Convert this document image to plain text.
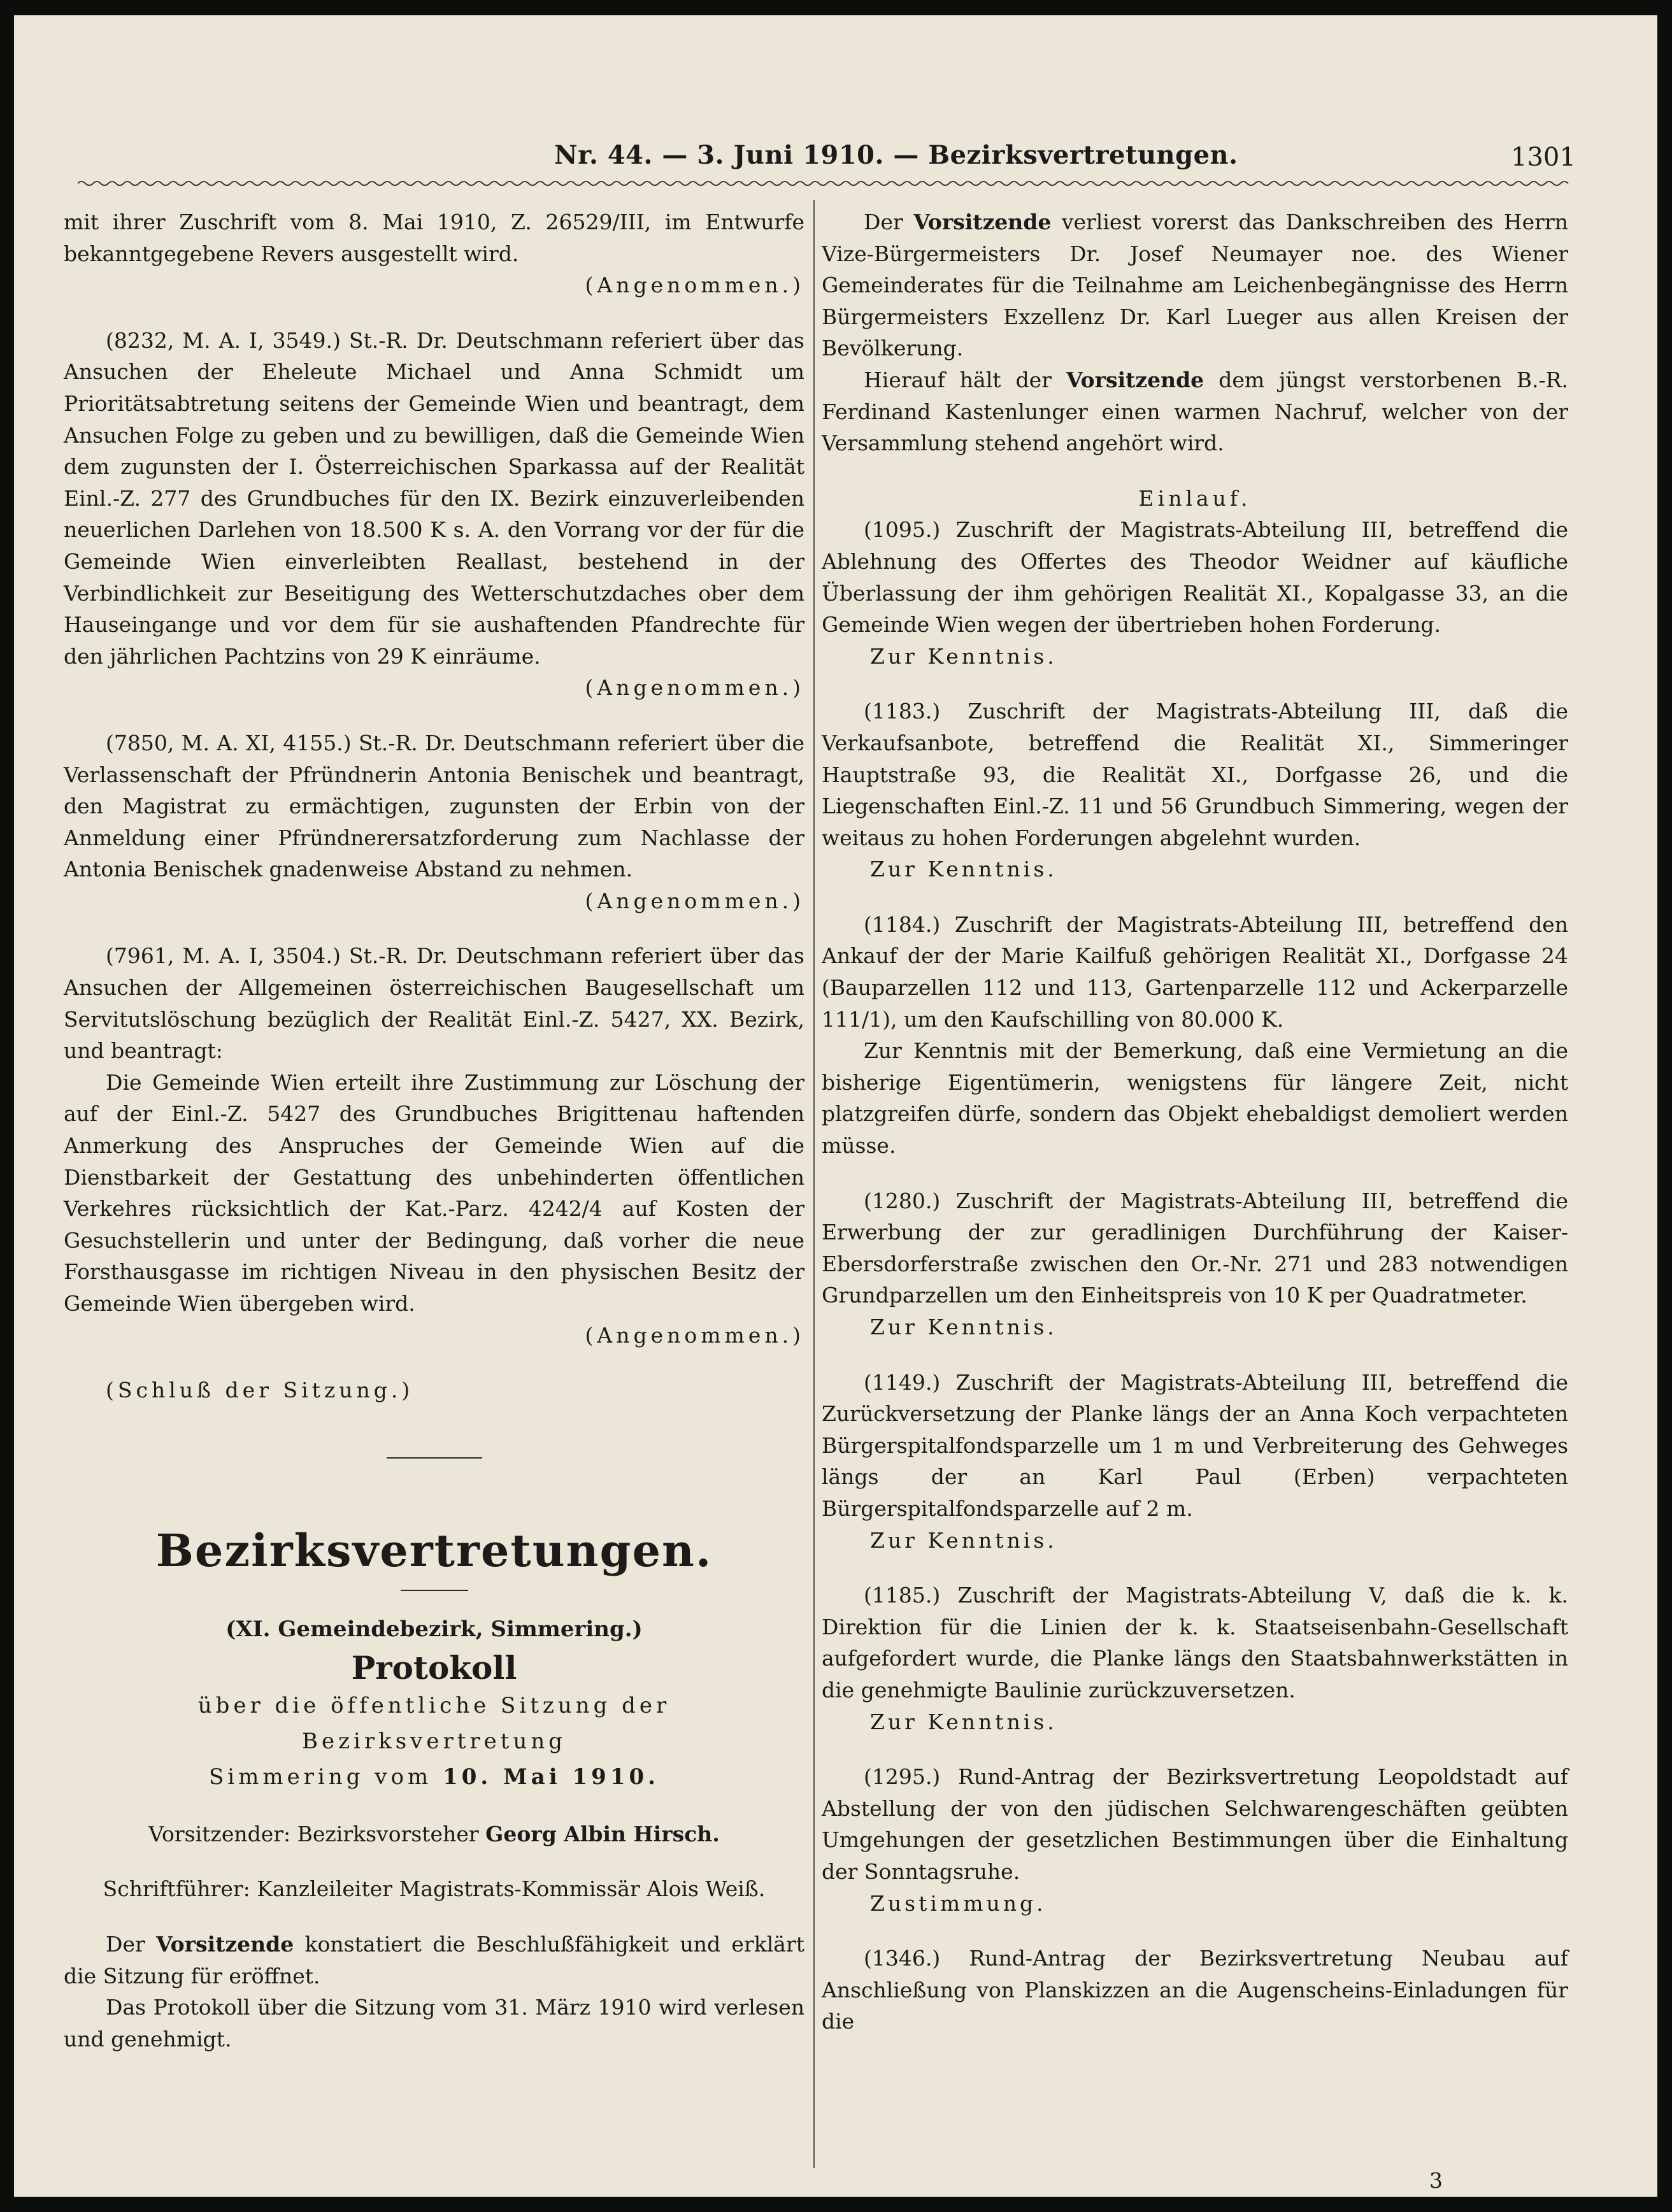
Nr. 44. — 3. Juni 1910. — Bezirksvertretungen.	1301

mit ihrer Zuschrift vom 8. Mai 1910, Z. 26529/III, im Entwurfe bekanntgegebene Revers ausgestellt wird.

(Angenommen.)

(8232, M. A. I, 3549.) St.-R. Dr. Deutschmann referiert über das Ansuchen der Eheleute Michael und Anna Schmidt um Prioritätsabtretung seitens der Gemeinde Wien und beantragt, dem Ansuchen Folge zu geben und zu bewilligen, daß die Gemeinde Wien dem zugunsten der I. Österreichischen Sparkassa auf der Realität Einl.-Z. 277 des Grundbuches für den IX. Bezirk einzuverleibenden neuerlichen Darlehen von 18.500 K s. A. den Vorrang vor der für die Gemeinde Wien einverleibten Reallast, bestehend in der Verbindlichkeit zur Beseitigung des Wetterschutzdaches ober dem Hauseingange und vor dem für sie aushaftenden Pfandrechte für den jährlichen Pachtzins von 29 K einräume.

(Angenommen.)

(7850, M. A. XI, 4155.) St.-R. Dr. Deutschmann referiert über die Verlassenschaft der Pfründnerin Antonia Benischek und beantragt, den Magistrat zu ermächtigen, zugunsten der Erbin von der Anmeldung einer Pfründnerersatzforderung zum Nachlasse der Antonia Benischek gnadenweise Abstand zu nehmen.

(Angenommen.)

(7961, M. A. I, 3504.) St.-R. Dr. Deutschmann referiert über das Ansuchen der Allgemeinen österreichischen Baugesellschaft um Servitutslöschung bezüglich der Realität Einl.-Z. 5427, XX. Bezirk, und beantragt:

Die Gemeinde Wien erteilt ihre Zustimmung zur Löschung der auf der Einl.-Z. 5427 des Grundbuches Brigittenau haftenden Anmerkung des Anspruches der Gemeinde Wien auf die Dienstbarkeit der Gestattung des unbehinderten öffentlichen Verkehres rücksichtlich der Kat.-Parz. 4242/4 auf Kosten der Gesuchstellerin und unter der Bedingung, daß vorher die neue Forsthausgasse im richtigen Niveau in den physischen Besitz der Gemeinde Wien übergeben wird.

(Angenommen.)

(Schluß der Sitzung.)

Bezirksvertretungen.
(XI. Gemeindebezirk, Simmering.)
Protokoll
über die öffentliche Sitzung der Bezirksvertretung
Simmering vom 10. Mai 1910.

Vorsitzender: Bezirksvorsteher Georg Albin Hirsch.

Schriftführer: Kanzleileiter Magistrats-Kommissär Alois Weiß.

Der Vorsitzende konstatiert die Beschlußfähigkeit und erklärt die Sitzung für eröffnet.

Das Protokoll über die Sitzung vom 31. März 1910 wird verlesen und genehmigt.

Der Vorsitzende verliest vorerst das Dankschreiben des Herrn Vize-Bürgermeisters Dr. Josef Neumayer noe. des Wiener Gemeinderates für die Teilnahme am Leichenbegängnisse des Herrn Bürgermeisters Exzellenz Dr. Karl Lueger aus allen Kreisen der Bevölkerung.

Hierauf hält der Vorsitzende dem jüngst verstorbenen B.-R. Ferdinand Kastenlunger einen warmen Nachruf, welcher von der Versammlung stehend angehört wird.

Einlauf.

(1095.) Zuschrift der Magistrats-Abteilung III, betreffend die Ablehnung des Offertes des Theodor Weidner auf käufliche Überlassung der ihm gehörigen Realität XI., Kopalgasse 33, an die Gemeinde Wien wegen der übertrieben hohen Forderung.

Zur Kenntnis.

(1183.) Zuschrift der Magistrats-Abteilung III, daß die Verkaufsanbote, betreffend die Realität XI., Simmeringer Hauptstraße 93, die Realität XI., Dorfgasse 26, und die Liegenschaften Einl.-Z. 11 und 56 Grundbuch Simmering, wegen der weitaus zu hohen Forderungen abgelehnt wurden.

Zur Kenntnis.

(1184.) Zuschrift der Magistrats-Abteilung III, betreffend den Ankauf der der Marie Kailfuß gehörigen Realität XI., Dorfgasse 24 (Bauparzellen 112 und 113, Gartenparzelle 112 und Ackerparzelle 111/1), um den Kaufschilling von 80.000 K.

Zur Kenntnis mit der Bemerkung, daß eine Vermietung an die bisherige Eigentümerin, wenigstens für längere Zeit, nicht platzgreifen dürfe, sondern das Objekt ehebaldigst demoliert werden müsse.

(1280.) Zuschrift der Magistrats-Abteilung III, betreffend die Erwerbung der zur geradlinigen Durchführung der Kaiser-Ebersdorferstraße zwischen den Or.-Nr. 271 und 283 notwendigen Grundparzellen um den Einheitspreis von 10 K per Quadratmeter.

Zur Kenntnis.

(1149.) Zuschrift der Magistrats-Abteilung III, betreffend die Zurückversetzung der Planke längs der an Anna Koch verpachteten Bürgerspitalfondsparzelle um 1 m und Verbreiterung des Gehweges längs der an Karl Paul (Erben) verpachteten Bürgerspitalfondsparzelle auf 2 m.

Zur Kenntnis.

(1185.) Zuschrift der Magistrats-Abteilung V, daß die k. k. Direktion für die Linien der k. k. Staatseisenbahn-Gesellschaft aufgefordert wurde, die Planke längs den Staatsbahnwerkstätten in die genehmigte Baulinie zurückzuversetzen.

Zur Kenntnis.

(1295.) Rund-Antrag der Bezirksvertretung Leopoldstadt auf Abstellung der von den jüdischen Selchwarengeschäften geübten Umgehungen der gesetzlichen Bestimmungen über die Einhaltung der Sonntagsruhe.

Zustimmung.

(1346.) Rund-Antrag der Bezirksvertretung Neubau auf Anschließung von Planskizzen an die Augenscheins-Einladungen für die

3
